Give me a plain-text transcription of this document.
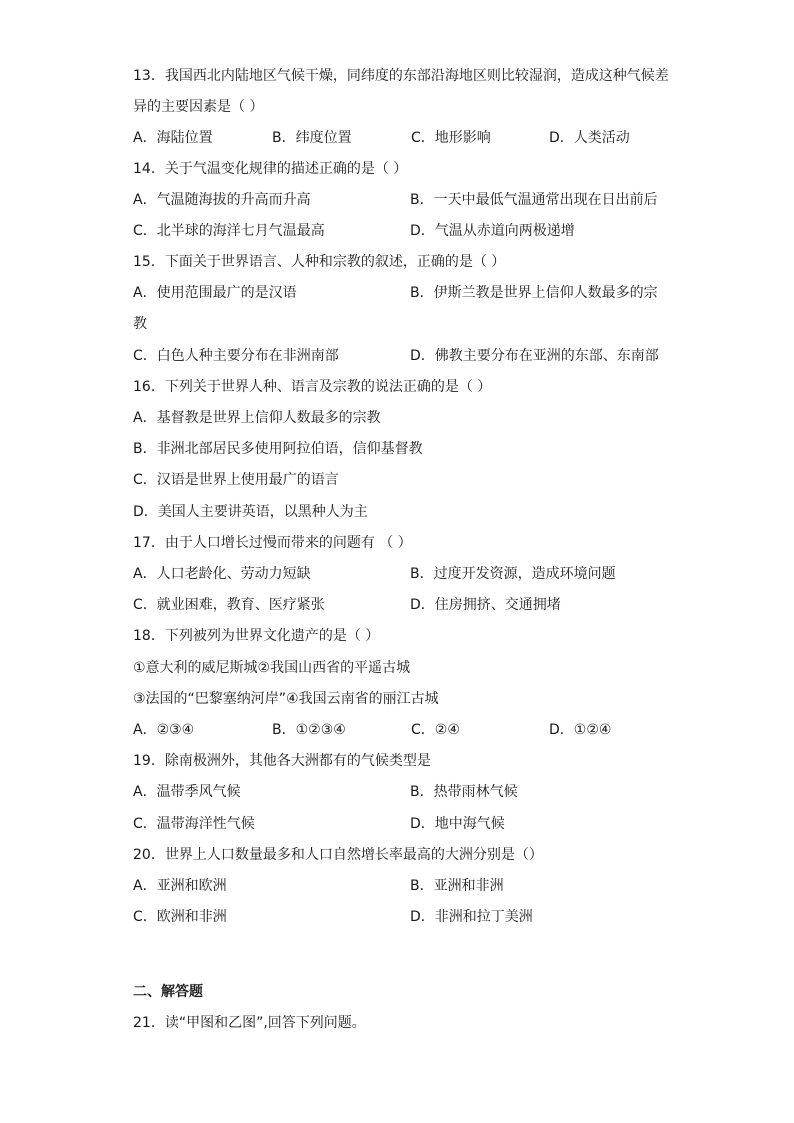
13．我国西北内陆地区气候干燥，同纬度的东部沿海地区则比较湿润，造成这种气候差
异的主要因素是（ ）
A．海陆位置	B．纬度位置	C．地形影响	D．人类活动
14．关于气温变化规律的描述正确的是（ ）
A．气温随海拔的升高而升高	B．一天中最低气温通常出现在日出前后
C．北半球的海洋七月气温最高	D．气温从赤道向两极递增
15．下面关于世界语言、人种和宗教的叙述，正确的是（ ）
A．使用范围最广的是汉语	B．伊斯兰教是世界上信仰人数最多的宗
教
C．白色人种主要分布在非洲南部	D．佛教主要分布在亚洲的东部、东南部
16．下列关于世界人种、语言及宗教的说法正确的是（ ）
A．基督教是世界上信仰人数最多的宗教
B．非洲北部居民多使用阿拉伯语，信仰基督教
C．汉语是世界上使用最广的语言
D．美国人主要讲英语，以黑种人为主
17．由于人口增长过慢而带来的问题有 （ ）
A．人口老龄化、劳动力短缺	B．过度开发资源，造成环境问题
C．就业困难，教育、医疗紧张	D．住房拥挤、交通拥堵
18．下列被列为世界文化遗产的是（ ）
①意大利的威尼斯城②我国山西省的平遥古城
③法国的“巴黎塞纳河岸”④我国云南省的丽江古城
A．②③④	B．①②③④	C．②④	D．①②④
19．除南极洲外，其他各大洲都有的气候类型是
A．温带季风气候	B．热带雨林气候
C．温带海洋性气候	D．地中海气候
20．世界上人口数量最多和人口自然增长率最高的大洲分别是（）
A．亚洲和欧洲	B．亚洲和非洲
C．欧洲和非洲	D．非洲和拉丁美洲
二、解答题
21．读“甲图和乙图”,回答下列问题。
